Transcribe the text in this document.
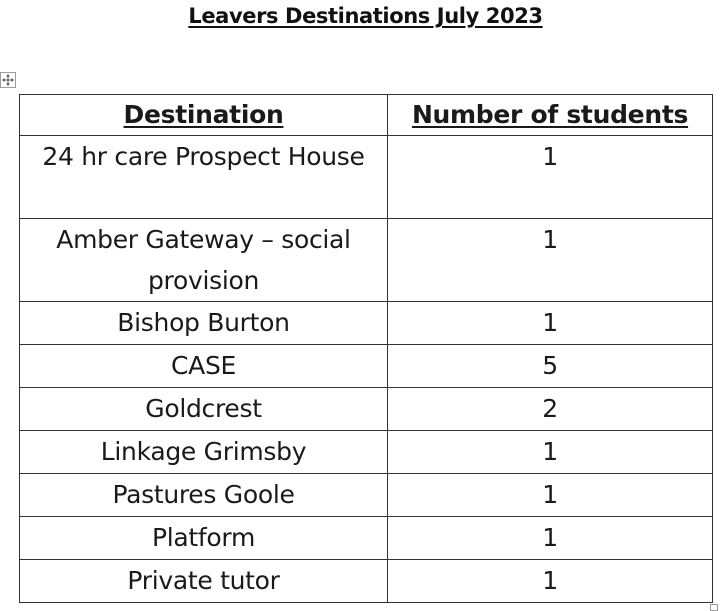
Leavers Destinations July 2023
Destination	Number of students
24 hr care Prospect House	1
Amber Gateway – social provision	1
Bishop Burton	1
CASE	5
Goldcrest	2
Linkage Grimsby	1
Pastures Goole	1
Platform	1
Private tutor	1
